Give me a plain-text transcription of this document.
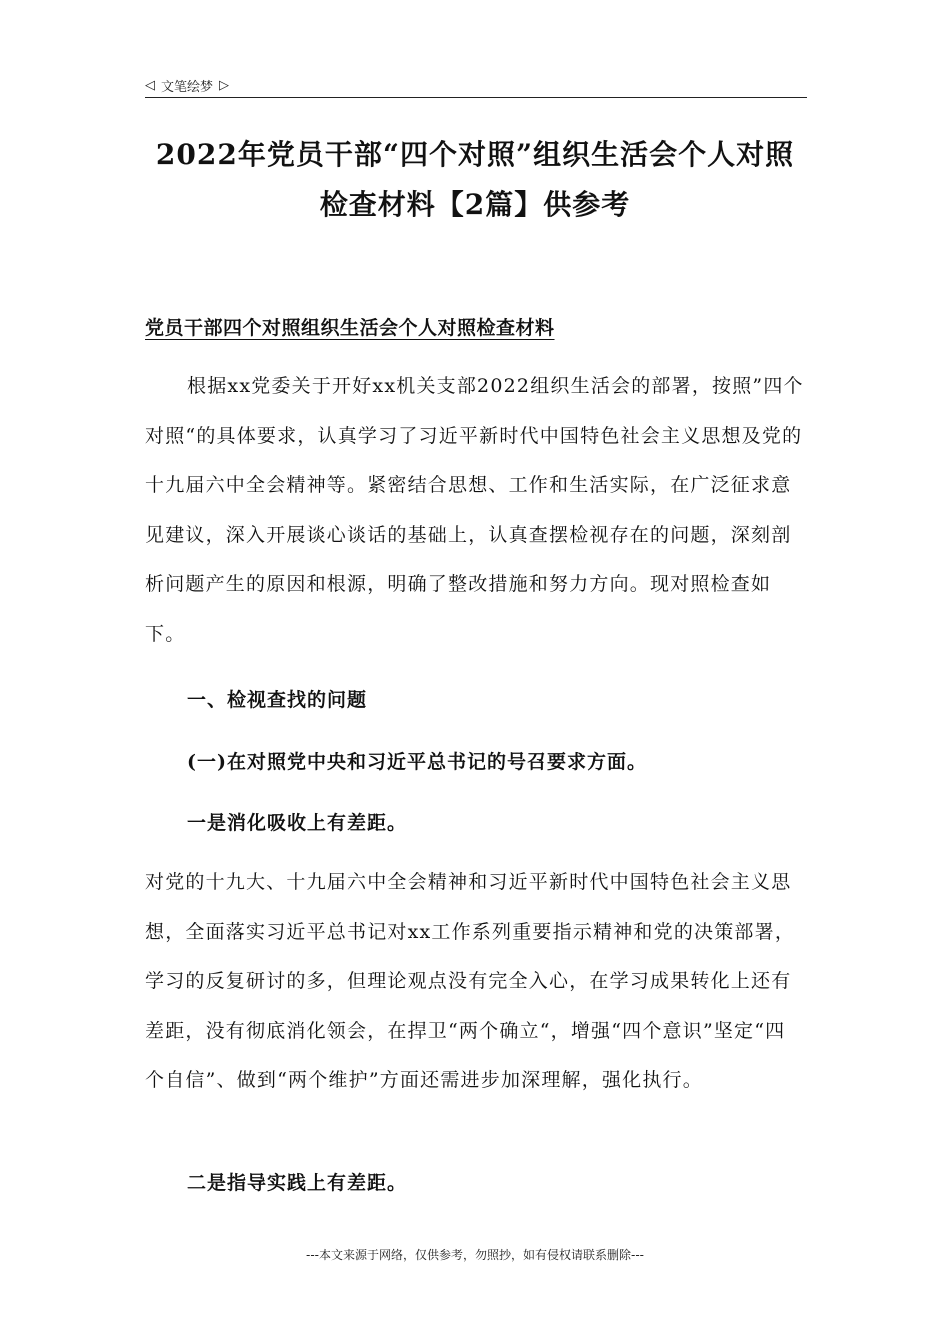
◁ 文笔绘梦 ▷
2022年党员干部“四个对照”组织生活会个人对照
检查材料【2篇】供参考
党员干部四个对照组织生活会个人对照检查材料
根据xx党委关于开好xx机关支部2022组织生活会的部署，按照”四个对照“的具体要求，认真学习了习近平新时代中国特色社会主义思想及党的十九届六中全会精神等。紧密结合思想、工作和生活实际，在广泛征求意见建议，深入开展谈心谈话的基础上，认真查摆检视存在的问题，深刻剖析问题产生的原因和根源，明确了整改措施和努力方向。现对照检查如下。
一、检视查找的问题
(一)在对照党中央和习近平总书记的号召要求方面。
一是消化吸收上有差距。
对党的十九大、十九届六中全会精神和习近平新时代中国特色社会主义思想，全面落实习近平总书记对xx工作系列重要指示精神和党的决策部署，学习的反复研讨的多，但理论观点没有完全入心，在学习成果转化上还有差距，没有彻底消化领会，在捍卫“两个确立“，增强“四个意识”坚定“四个自信”、做到“两个维护”方面还需进步加深理解，强化执行。
二是指导实践上有差距。
---本文来源于网络，仅供参考，勿照抄，如有侵权请联系删除---
